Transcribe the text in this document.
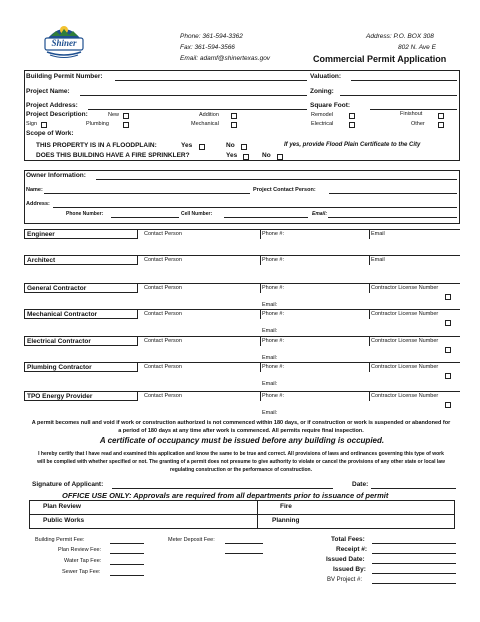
Shiner
Phone: 361-594-3362
Fax: 361-594-3566
Email: adamf@shinertexas.gov
Address: P.O. BOX 308
802 N. Ave E
Commercial Permit Application
Building Permit Number:	Valuation:
Project Name:	Zoning:
Project Address:	Square Foot:
Project Description:	New	Addition	Remodel	Finishout
Sign	Plumbing	Mechanical	Electrical	Other
Scope of Work:
THIS PROPERTY IS IN A FLOODPLAIN:	Yes	No	If yes, provide Flood Plain Certificate to the City
DOES THIS BUILDING HAVE A FIRE SPRINKLER?	Yes	No
Owner Information:
Name:	Project Contact Person:
Address:
Phone Number:	Cell Number:	Email:
Engineer	Contact Person	Phone #:	Email
Architect	Contact Person	Phone #:	Email
General Contractor	Contact Person	Phone #:	Contractor License Number
Email:
Mechanical Contractor	Contact Person	Phone #:	Contractor License Number
Email:
Electrical Contractor	Contact Person	Phone #:	Contractor License Number
Email:
Plumbing Contractor	Contact Person	Phone #:	Contractor License Number
Email:
TPO Energy Provider	Contact Person	Phone #:	Contractor License Number
Email:
A permit becomes null and void if work or construction authorized is not commenced within 180 days, or if construction or work is suspended or abandoned for a period of 180 days at any time after work is commenced. All permits require final inspection.
A certificate of occupancy must be issued before any building is occupied.
I hereby certify that I have read and examined this application and know the same to be true and correct. All provisions of laws and ordinances governing this type of work will be complied with whether specified or not. The granting of a permit does not presume to give authority to violate or cancel the provisions of any other state or local law regulating construction or the performance of construction.
Signature of Applicant:	Date:
OFFICE USE ONLY: Approvals are required from all departments prior to issuance of permit
Plan Review	Fire
Public Works	Planning
Building Permit Fee:
Plan Review Fee:
Water Tap Fee:
Sewer Tap Fee:
Meter Deposit Fee:	Total Fees:
Receipt #:
Issued Date:
Issued By:
BV Project #:
